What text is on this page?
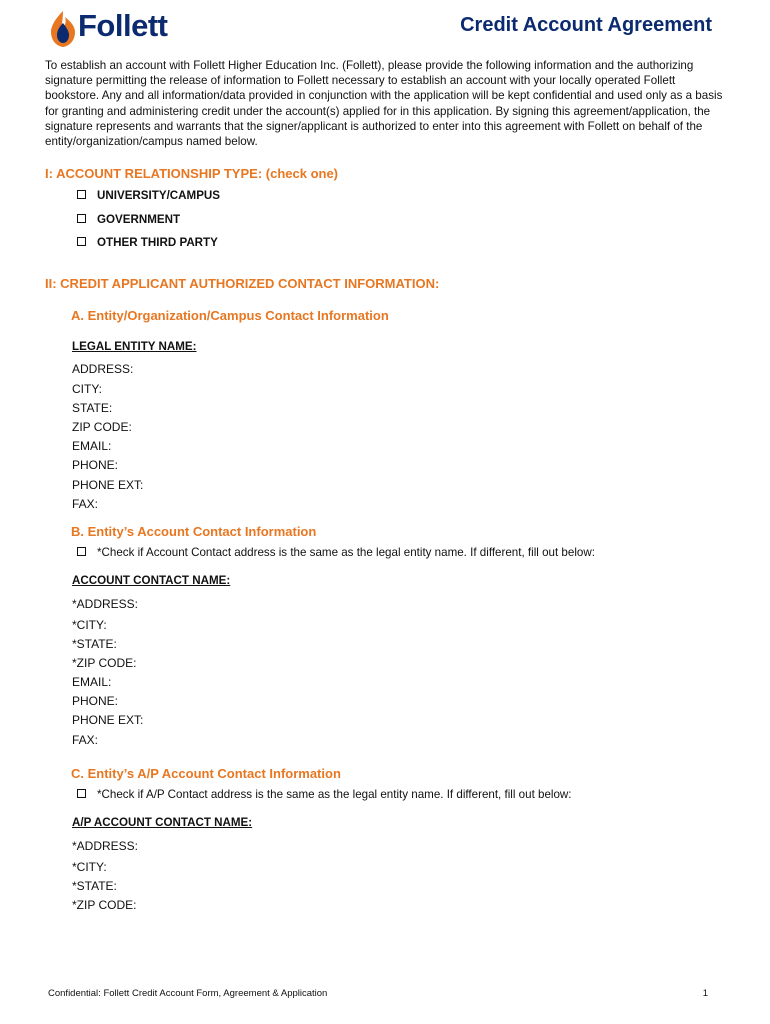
Follett	Credit Account Agreement

To establish an account with Follett Higher Education Inc. (Follett), please provide the following information and the authorizing signature permitting the release of information to Follett necessary to establish an account with your locally operated Follett bookstore. Any and all information/data provided in conjunction with the application will be kept confidential and used only as a basis for granting and administering credit under the account(s) applied for in this application. By signing this agreement/application, the signature represents and warrants that the signer/applicant is authorized to enter into this agreement with Follett on behalf of the entity/organization/campus named below.

I: ACCOUNT RELATIONSHIP TYPE: (check one)
UNIVERSITY/CAMPUS
GOVERNMENT
OTHER THIRD PARTY
II: CREDIT APPLICANT AUTHORIZED CONTACT INFORMATION:
A. Entity/Organization/Campus Contact Information
LEGAL ENTITY NAME:
ADDRESS:
CITY:
STATE:
ZIP CODE:
EMAIL:
PHONE:
PHONE EXT:
FAX:
B. Entity’s Account Contact Information
*Check if Account Contact address is the same as the legal entity name. If different, fill out below:
ACCOUNT CONTACT NAME:
*ADDRESS:
*CITY:
*STATE:
*ZIP CODE:
EMAIL:
PHONE:
PHONE EXT:
FAX:
C. Entity’s A/P Account Contact Information
*Check if A/P Contact address is the same as the legal entity name. If different, fill out below:
A/P ACCOUNT CONTACT NAME:
*ADDRESS:
*CITY:
*STATE:
*ZIP CODE:
Confidential: Follett Credit Account Form, Agreement & Application	1
